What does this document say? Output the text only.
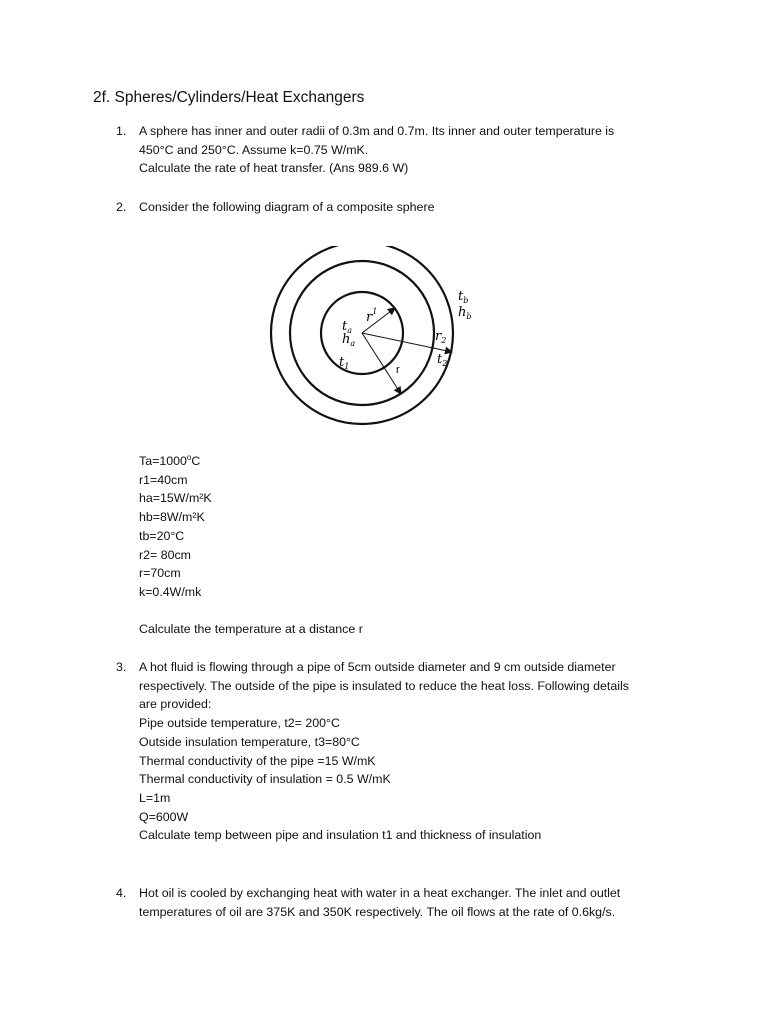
2f. Spheres/Cylinders/Heat Exchangers
1. A sphere has inner and outer radii of 0.3m and 0.7m. Its inner and outer temperature is
450°C and 250°C. Assume k=0.75 W/mK.
Calculate the rate of heat transfer. (Ans 989.6 W)
2. Consider the following diagram of a composite sphere
$t_b$
$h_b$
$t_a$
$h_a$
$r^1$
$r_2$
$t_1$	$t_2$
r
$Ta=1000^oC$
r1=40cm
ha=15W/m²K
hb=8W/m²K
tb=20°C
r2= 80cm
r=70cm
k=0.4W/mk
Calculate the temperature at a distance r
3. A hot fluid is flowing through a pipe of 5cm outside diameter and 9 cm outside diameter
respectively. The outside of the pipe is insulated to reduce the heat loss. Following details
are provided:
Pipe outside temperature, t2= 200°C
Outside insulation temperature, t3=80°C
Thermal conductivity of the pipe =15 W/mK
Thermal conductivity of insulation = 0.5 W/mK
L=1m
Q=600W
Calculate temp between pipe and insulation t1 and thickness of insulation
4. Hot oil is cooled by exchanging heat with water in a heat exchanger. The inlet and outlet
temperatures of oil are 375K and 350K respectively. The oil flows at the rate of 0.6kg/s.
